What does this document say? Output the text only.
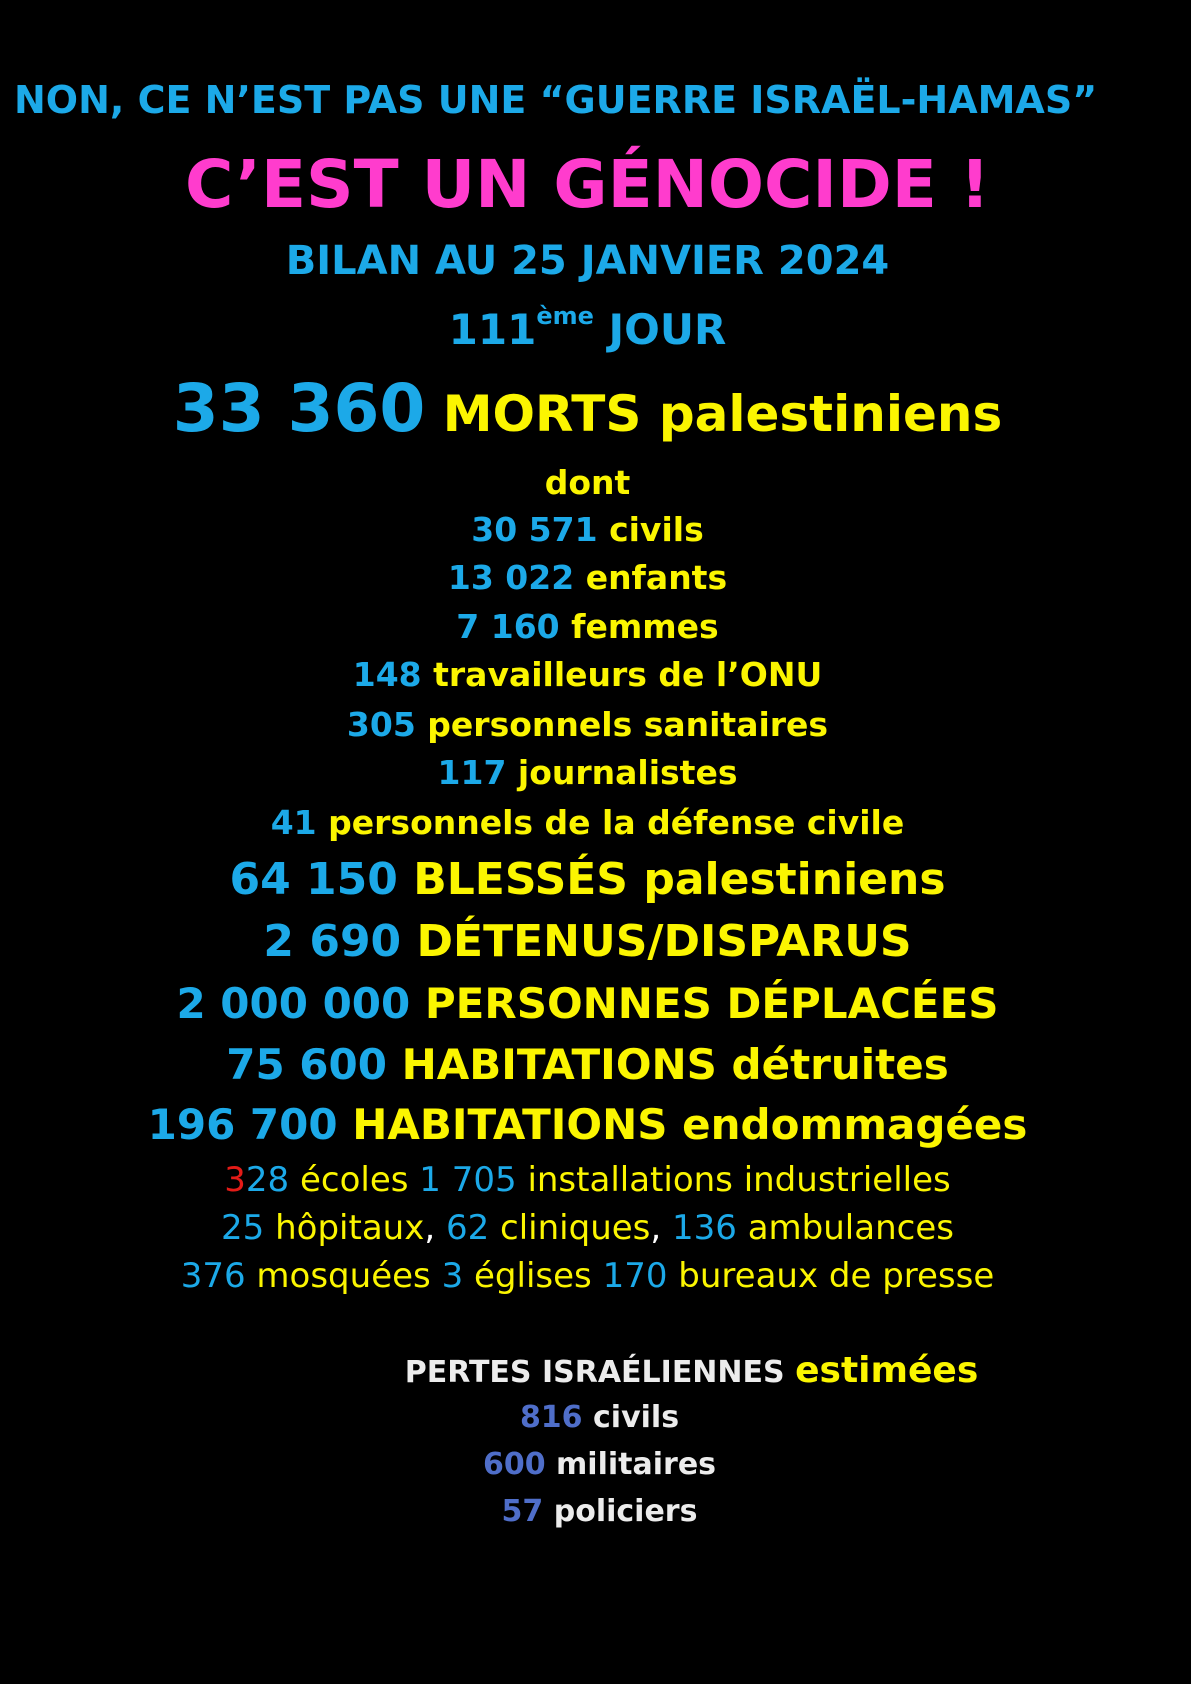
NON, CE N’EST PAS UNE “GUERRE ISRAËL-HAMAS”
C’EST UN GÉNOCIDE !
BILAN AU 25 JANVIER 2024
111ème JOUR
33 360 MORTS palestiniens
dont
30 571 civils
13 022 enfants
7 160 femmes
148 travailleurs de l’ONU
305 personnels sanitaires
117 journalistes
41 personnels de la défense civile
64 150 BLESSÉS palestiniens
2 690 DÉTENUS/DISPARUS
2 000 000 PERSONNES DÉPLACÉES
75 600 HABITATIONS détruites
196 700 HABITATIONS endommagées
328 écoles 1 705 installations industrielles
25 hôpitaux, 62 cliniques, 136 ambulances
376 mosquées 3 églises 170 bureaux de presse
PERTES ISRAÉLIENNES estimées
816 civils
600 militaires
57 policiers
